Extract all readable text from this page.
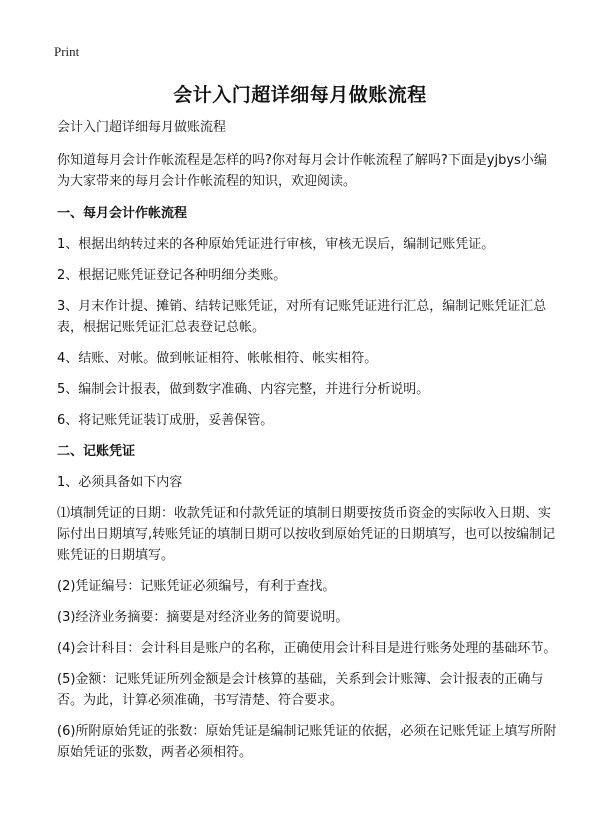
Print
会计入门超详细每月做账流程

会计入门超详细每月做账流程

你知道每月会计作帐流程是怎样的吗?你对每月会计作帐流程了解吗?下面是yjbys小编为大家带来的每月会计作帐流程的知识，欢迎阅读。

一、每月会计作帐流程

1、根据出纳转过来的各种原始凭证进行审核，审核无误后，编制记账凭证。

2、根据记账凭证登记各种明细分类账。

3、月末作计提、摊销、结转记账凭证，对所有记账凭证进行汇总，编制记账凭证汇总表，根据记账凭证汇总表登记总帐。

4、结账、对帐。做到帐证相符、帐帐相符、帐实相符。

5、编制会计报表，做到数字准确、内容完整，并进行分析说明。

6、将记账凭证装订成册，妥善保管。

二、记账凭证

1、必须具备如下内容

⑴填制凭证的日期：收款凭证和付款凭证的填制日期要按货币资金的实际收入日期、实际付出日期填写,转账凭证的填制日期可以按收到原始凭证的日期填写，也可以按编制记账凭证的日期填写。

(2)凭证编号：记账凭证必须编号，有利于查找。

(3)经济业务摘要：摘要是对经济业务的简要说明。

(4)会计科目：会计科目是账户的名称，正确使用会计科目是进行账务处理的基础环节。

(5)金额：记账凭证所列金额是会计核算的基础，关系到会计账簿、会计报表的正确与否。为此，计算必须准确，书写清楚、符合要求。

(6)所附原始凭证的张数：原始凭证是编制记账凭证的依据，必须在记账凭证上填写所附原始凭证的张数，两者必须相符。
